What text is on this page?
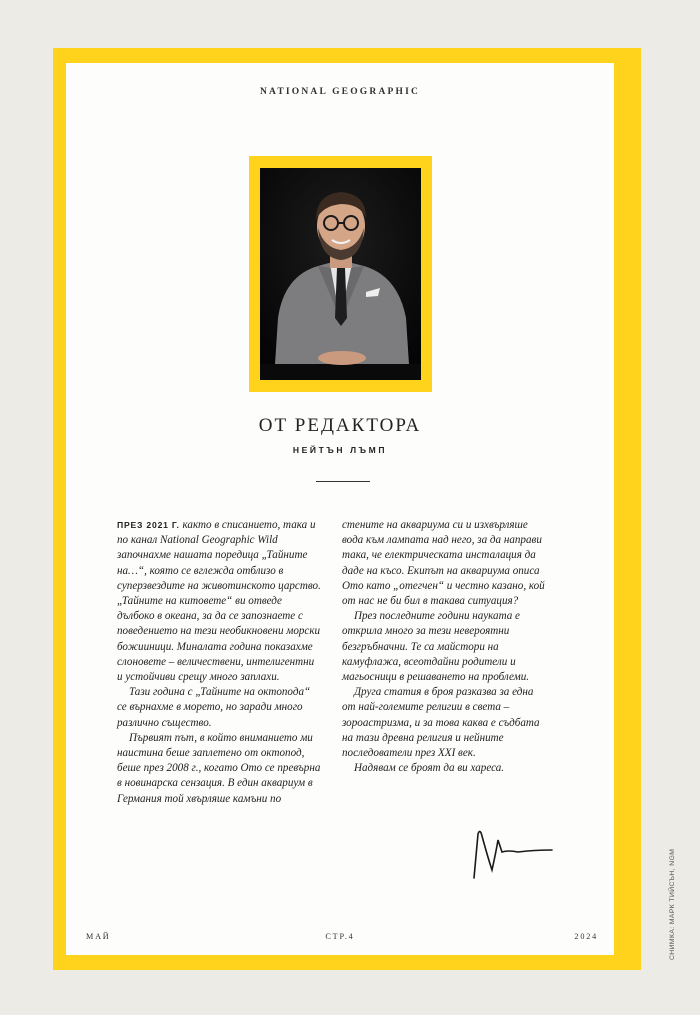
NATIONAL GEOGRAPHIC
ОТ РЕДАКТОРА
НЕЙТЪН ЛЪМП

ПРЕЗ 2021 Г. както в списанието, така и по канал National Geographic Wild започнахме нашата поредица „Тайните на…“, която се вглежда отблизо в суперзвездите на животинското царство. „Тайните на китовете“ ви отведе дълбоко в океана, за да се запознаете с поведението на тези необикновени морски божииници. Миналата година показахме слоновете – величествени, интелигентни и устойчиви срещу много заплахи.

Тази година с „Тайните на октопода“ се върнахме в морето, но заради много различно същество.

Първият път, в който вниманието ми наистина беше заплетено от октопод, беше през 2008 г., когато Ото се превърна в новинарска сензация. В един аквариум в Германия той хвърляше камъни по

стените на аквариума си и изхвърляше вода към лампата над него, за да направи така, че електрическата инсталация да даде на късо. Екипът на аквариума описа Ото като „отегчен“ и честно казано, кой от нас не би бил в такава ситуация?

През последните години науката е открила много за тези невероятни безгръбначни. Те са майстори на камуфлажа, всеотдайни родители и магьосници в решаването на проблеми.

Друга статия в броя разказва за една от най-големите религии в света – зороастризма, и за това каква е съдбата на тази древна религия и нейните последователи през XXI век.

Надявам се броят да ви хареса.

МАЙ	СТР.4	2024	СНИМКА: МАРК ТИЙСЪН, NGM
